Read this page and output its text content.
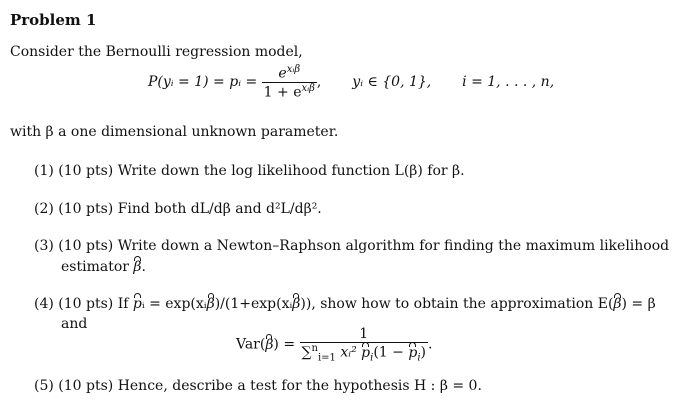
Problem 1
Consider the Bernoulli regression model,
P(yᵢ = 1) = pᵢ = $\frac{e^{xᵢ\beta}}{1 + e^{xᵢ\beta}}$ , yᵢ ∈ {0, 1}, i = 1, . . . , n,
with β a one dimensional unknown parameter.
(1) (10 pts) Write down the log likelihood function L(β) for β.
(2) (10 pts) Find both dL/dβ and d²L/dβ².
(3) (10 pts) Write down a Newton–Raphson algorithm for finding the maximum likelihood
estimator β.
(4) (10 pts) If pᵢ = exp(xᵢβ)/(1+exp(xᵢβ)), show how to obtain the approximation E(β) = β
and
$Var(\beta) = \frac{1}{\sum^n_{i=1} xᵢ^2 p_i(1 - p_i)}$ .
(5) (10 pts) Hence, describe a test for the hypothesis H : β = 0.
